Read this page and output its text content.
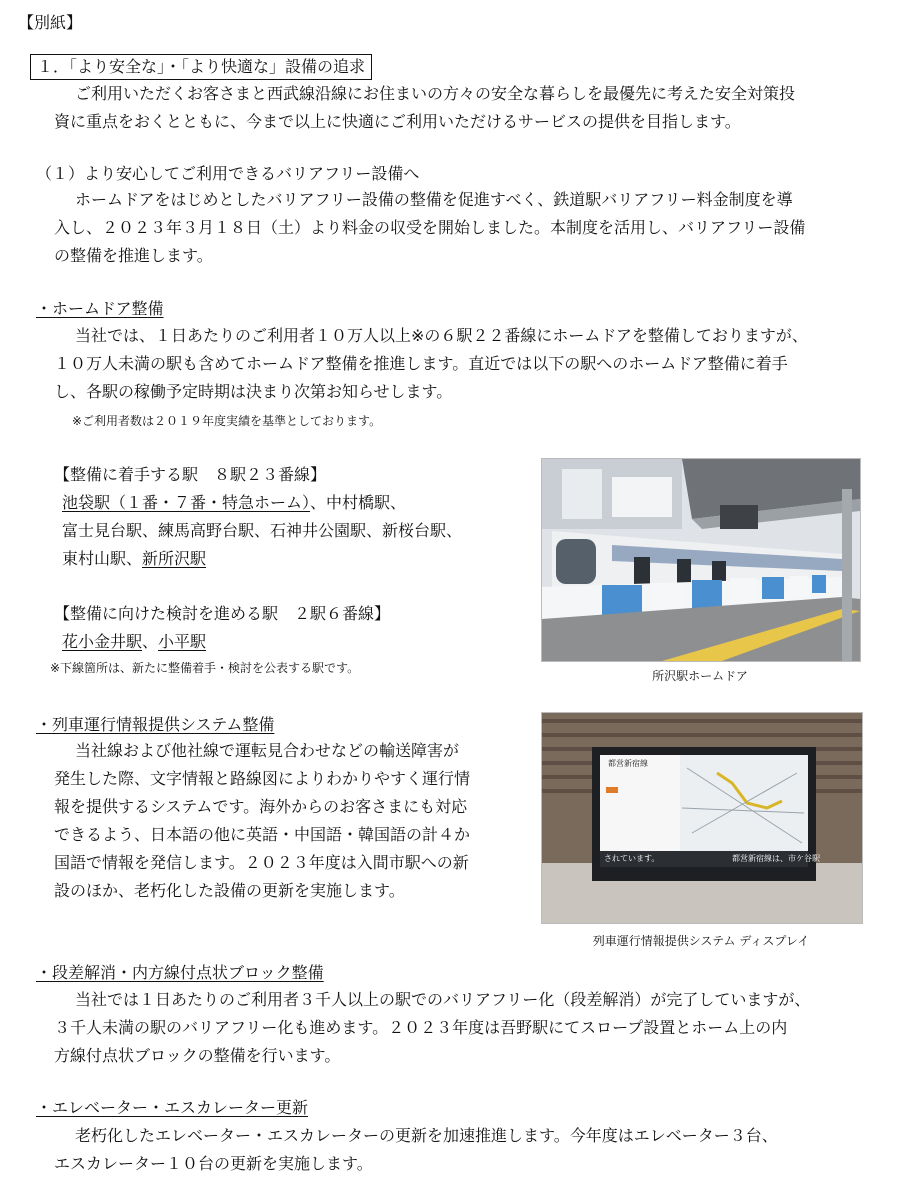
【別紙】
１．「より安全な」・「より快適な」設備の追求
ご利用いただくお客さまと西武線沿線にお住まいの方々の安全な暮らしを最優先に考えた安全対策投
資に重点をおくとともに、今まで以上に快適にご利用いただけるサービスの提供を目指します。
（１）より安心してご利用できるバリアフリー設備へ
ホームドアをはじめとしたバリアフリー設備の整備を促進すべく、鉄道駅バリアフリー料金制度を導
入し、２０２３年３月１８日（土）より料金の収受を開始しました。本制度を活用し、バリアフリー設備
の整備を推進します。
・ホームドア整備
当社では、１日あたりのご利用者１０万人以上※の６駅２２番線にホームドアを整備しておりますが、
１０万人未満の駅も含めてホームドア整備を推進します。直近では以下の駅へのホームドア整備に着手
し、各駅の稼働予定時期は決まり次第お知らせします。
※ご利用者数は２０１９年度実績を基準としております。
【整備に着手する駅　８駅２３番線】
池袋駅（１番・７番・特急ホーム）、中村橋駅、
富士見台駅、練馬高野台駅、石神井公園駅、新桜台駅、
東村山駅、新所沢駅
【整備に向けた検討を進める駅　２駅６番線】
花小金井駅、小平駅
※下線箇所は、新たに整備着手・検討を公表する駅です。
所沢駅ホームドア
・列車運行情報提供システム整備
当社線および他社線で運転見合わせなどの輸送障害が
発生した際、文字情報と路線図によりわかりやすく運行情
報を提供するシステムです。海外からのお客さまにも対応
できるよう、日本語の他に英語・中国語・韓国語の計４か
国語で情報を発信します。２０２３年度は入間市駅への新
設のほか、老朽化した設備の更新を実施します。
都営新宿線
されています。	都営新宿線は、市ケ谷駅
列車運行情報提供システム ディスプレイ
・段差解消・内方線付点状ブロック整備
当社では１日あたりのご利用者３千人以上の駅でのバリアフリー化（段差解消）が完了していますが、
３千人未満の駅のバリアフリー化も進めます。２０２３年度は吾野駅にてスロープ設置とホーム上の内
方線付点状ブロックの整備を行います。
・エレベーター・エスカレーター更新
老朽化したエレベーター・エスカレーターの更新を加速推進します。今年度はエレベーター３台、
エスカレーター１０台の更新を実施します。
